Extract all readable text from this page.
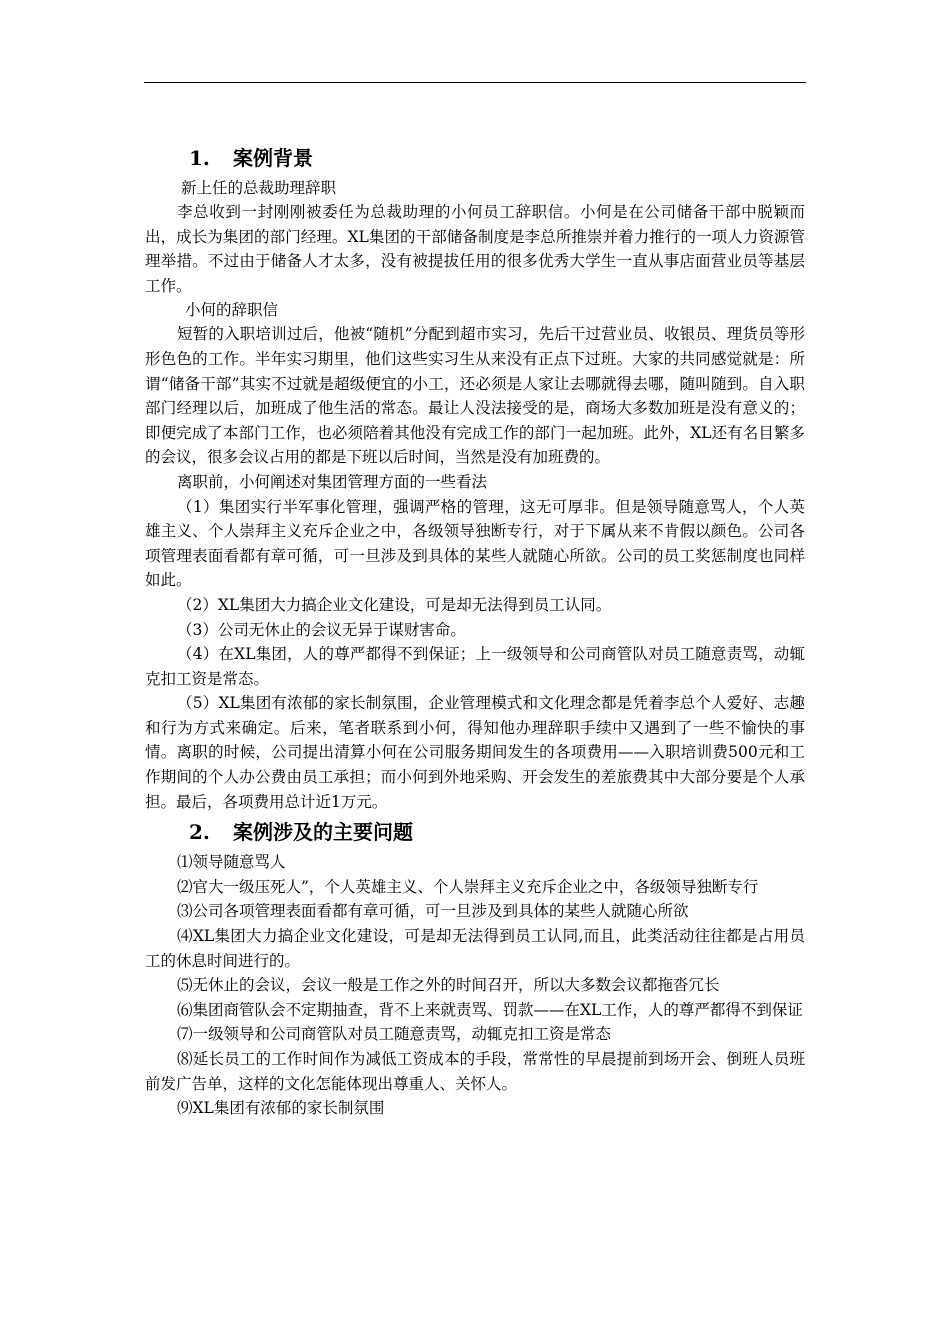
1. 案例背景

新上任的总裁助理辞职

李总收到一封刚刚被委任为总裁助理的小何员工辞职信。小何是在公司储备干部中脱颖而出，成长为集团的部门经理。XL集团的干部储备制度是李总所推崇并着力推行的一项人力资源管理举措。不过由于储备人才太多，没有被提拔任用的很多优秀大学生一直从事店面营业员等基层工作。

小何的辞职信

短暂的入职培训过后，他被“随机”分配到超市实习，先后干过营业员、收银员、理货员等形形色色的工作。半年实习期里，他们这些实习生从来没有正点下过班。大家的共同感觉就是：所谓“储备干部”其实不过就是超级便宜的小工，还必须是人家让去哪就得去哪，随叫随到。自入职部门经理以后，加班成了他生活的常态。最让人没法接受的是，商场大多数加班是没有意义的；即便完成了本部门工作，也必须陪着其他没有完成工作的部门一起加班。此外，XL还有名目繁多的会议，很多会议占用的都是下班以后时间，当然是没有加班费的。

离职前，小何阐述对集团管理方面的一些看法

（1）集团实行半军事化管理，强调严格的管理，这无可厚非。但是领导随意骂人，个人英雄主义、个人崇拜主义充斥企业之中，各级领导独断专行，对于下属从来不肯假以颜色。公司各项管理表面看都有章可循，可一旦涉及到具体的某些人就随心所欲。公司的员工奖惩制度也同样如此。

（2）XL集团大力搞企业文化建设，可是却无法得到员工认同。

（3）公司无休止的会议无异于谋财害命。

（4）在XL集团，人的尊严都得不到保证；上一级领导和公司商管队对员工随意责骂，动辄克扣工资是常态。

（5）XL集团有浓郁的家长制氛围，企业管理模式和文化理念都是凭着李总个人爱好、志趣和行为方式来确定。后来，笔者联系到小何，得知他办理辞职手续中又遇到了一些不愉快的事情。离职的时候，公司提出清算小何在公司服务期间发生的各项费用——入职培训费500元和工作期间的个人办公费由员工承担；而小何到外地采购、开会发生的差旅费其中大部分要是个人承担。最后，各项费用总计近1万元。

2. 案例涉及的主要问题

⑴领导随意骂人

⑵官大一级压死人”，个人英雄主义、个人崇拜主义充斥企业之中，各级领导独断专行

⑶公司各项管理表面看都有章可循，可一旦涉及到具体的某些人就随心所欲

⑷XL集团大力搞企业文化建设，可是却无法得到员工认同,而且，此类活动往往都是占用员工的休息时间进行的。

⑸无休止的会议，会议一般是工作之外的时间召开，所以大多数会议都拖沓冗长

⑹集团商管队会不定期抽查，背不上来就责骂、罚款——在XL工作，人的尊严都得不到保证

⑺一级领导和公司商管队对员工随意责骂，动辄克扣工资是常态

⑻延长员工的工作时间作为减低工资成本的手段，常常性的早晨提前到场开会、倒班人员班前发广告单，这样的文化怎能体现出尊重人、关怀人。

⑼XL集团有浓郁的家长制氛围
